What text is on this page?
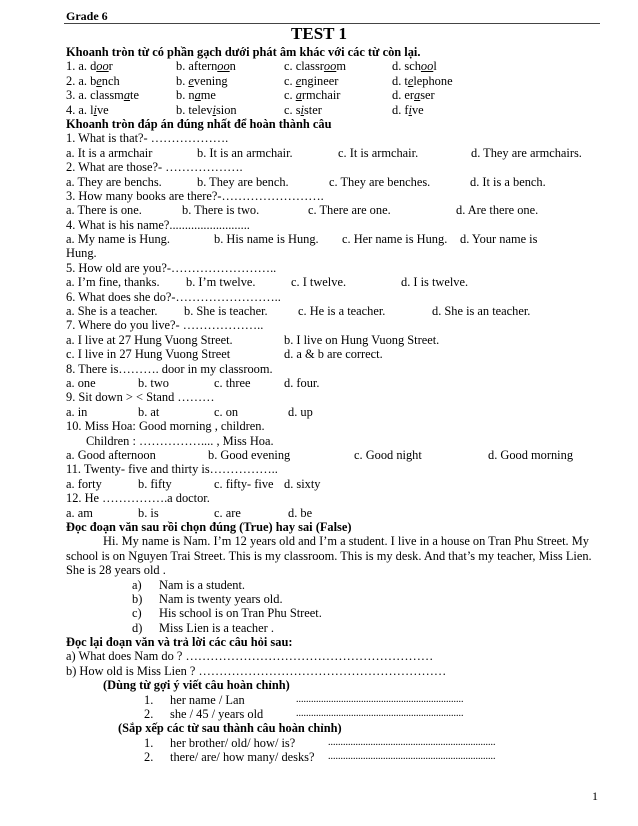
Grade 6
TEST 1
Khoanh tròn từ có phần gạch dưới phát âm khác với các từ còn lại.
1. a. door	b. afternoon	c. classroom	d. school
2. a. bench	b. evening	c. engineer	d. telephone
3. a. classmate	b. name	c. armchair	d. eraser
4. a. live	b. television	c. sister	d. five
Khoanh tròn đáp án đúng nhất để hoàn thành câu
1. What is that?- ……………….
a. It is a armchair	b. It is an armchair.	c. It is armchair.	d. They are armchairs.
2. What are those?- ……………….
a. They are benchs.	b. They are bench.	c. They are benches.	d. It is a bench.
3. How many books are there?-…………………….
a. There is one.	b. There is two.	c. There are one.	d. Are there one.
4. What is his name?..........................
a. My name is Hung.	b. His name is Hung. c. Her name is Hung. d. Your name is
Hung.
5. How old are you?-……………………..
a. I’m fine, thanks. b. I’m twelve.	c. I twelve.	d. I is twelve.
6. What does she do?-……………………..
a. She is a teacher. b. She is teacher. c. He is a teacher.	d. She is an teacher.
7. Where do you live?- ………………..
a. I live at 27 Hung Vuong Street.	b. I live on Hung Vuong Street.
c. I live in 27 Hung Vuong Street	d. a & b are correct.
8. There is………. door in my classroom.
a. one	b. two	c. three	d. four.
9. Sit down > < Stand ………
a. in	b. at	c. on	d. up
10. Miss Hoa: Good morning , children.
Children : …………….... , Miss Hoa.
a. Good afternoon	b. Good evening	c. Good night	d. Good morning
11. Twenty- five and thirty is……………..
a. forty	b. fifty	c. fifty- five d. sixty
12. He …………….a doctor.
a. am	b. is	c. are	d. be
Đọc đoạn văn sau rồi chọn đúng (True) hay sai (False)
Hi. My name is Nam. I’m 12 years old and I’m a student. I live in a house on Tran Phu Street. My school is on Nguyen Trai Street. This is my classroom. This is my desk. And that’s my teacher, Miss Lien. She is 28 years old .
a) Nam is a student.
b) Nam is twenty years old.
c) His school is on Tran Phu Street.
d) Miss Lien is a teacher .
Đọc lại đoạn văn và trả lời các câu hỏi sau:
a) What does Nam do ? ……………………………………………………
b) How old is Miss Lien ? ……………………………………………………
(Dùng từ gợi ý viết câu hoàn chỉnh)
1. her name / Lan	...................................................................
2. she / 45 / years old	...................................................................
(Sắp xếp các từ sau thành câu hoàn chỉnh)
1. her brother/ old/ how/ is?	...................................................................
2. there/ are/ how many/ desks? ...................................................................
1
